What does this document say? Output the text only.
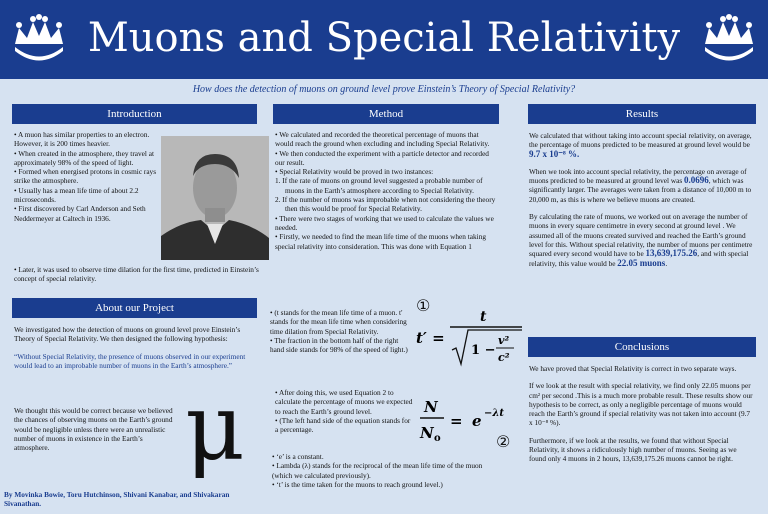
Muons and Special Relativity
How does the detection of muons on ground level prove Einstein’s Theory of Special Relativity?
Introduction
• A muon has similar properties to an electron. However, it is 200 times heavier.
• When created in the atmosphere, they travel at approximately 98% of the speed of light.
• Formed when energised protons in cosmic rays strike the atmosphere.
• Usually has a mean life time of about 2.2 microseconds.
• First discovered by Carl Anderson and Seth Neddermeyer at Caltech in 1936.
• Later, it was used to observe time dilation for the first time, predicted in Einstein’s concept of special relativity.
About our Project

We investigated how the detection of muons on ground level prove Einstein’s Theory of Special Relativity. We then designed the following hypothesis:

“Without Special Relativity, the presence of muons observed in our experiment would lead to an improbable number of muons in the Earth’s atmosphere.”

We thought this would be correct because we believed the chances of observing muons on the Earth’s ground would be negligible unless there were an unrealistic number of muons in existence in the Earth’s atmosphere.	μ
By Movinka Bowie, Toru Hutchinson, Shivani Kanabar, and Shivakaran Sivanathan.
Method
• We calculated and recorded the theoretical percentage of muons that would reach the ground when excluding and including Special Relativity.
• We then conducted the experiment with a particle detector and recorded our result.
• Special Relativity would be proved in two instances:
1. If the rate of muons on ground level suggested a probable number of muons in the Earth’s atmosphere according to Special Relativity.
2. If the number of muons was improbable when not considering the theory then this would be proof for Special Relativity.
• There were two stages of working that we used to calculate the values we needed.
• Firstly, we needed to find the mean life time of the muons when taking special relativity into consideration. This was done with Equation 1
• (t stands for the mean life time of a muon. t′ stands for the mean life time when considering time dilation from Special Relativity.
• The fraction in the bottom half of the right hand side stands for 98% of the speed of light.)
①
t′ =
t
1 −
v²
c²
• After doing this, we used Equation 2 to calculate the percentage of muons we expected to reach the Earth’s ground level.
• (The left hand side of the equation stands for a percentage.
N
N o
= e −λt
②
• ‘e’ is a constant.
• Lambda (λ) stands for the reciprocal of the mean life time of the muon (which we calculated previously).
• ‘t’ is the time taken for the muons to reach ground level.)
Results

We calculated that without taking into account special relativity, on average, the percentage of muons predicted to be measured at ground level would be 9.7 x 10⁻⁸ %.

When we took into account special relativity, the percentage on average of muons predicted to be measured at ground level was 0.0696, which was significantly larger. The averages were taken from a distance of 10,000 m to 20,000 m, as this is where we believe muons are created.

By calculating the rate of muons, we worked out on average the number of muons in every square centimetre in every second at ground level . We assumed all of the muons created survived and reached the Earth’s ground level for this. Without special relativity, the number of muons per centimetre squared every second would have to be 13,639,175.26, and with special relativity, this value would be 22.05 muons.

Conclusions

We have proved that Special Relativity is correct in two separate ways.

If we look at the result with special relativity, we find only 22.05 muons per cm² per second .This is a much more probable result. These results show our hypothesis to be correct, as only a negligible percentage of muons would reach the Earth’s ground if special relativity was not taken into account (9.7 x 10⁻⁸ %).

Furthermore, if we look at the results, we found that without Special Relativity, it shows a ridiculously high number of muons. Seeing as we found only 4 muons in 2 hours, 13,639,175.26 muons cannot be right.
